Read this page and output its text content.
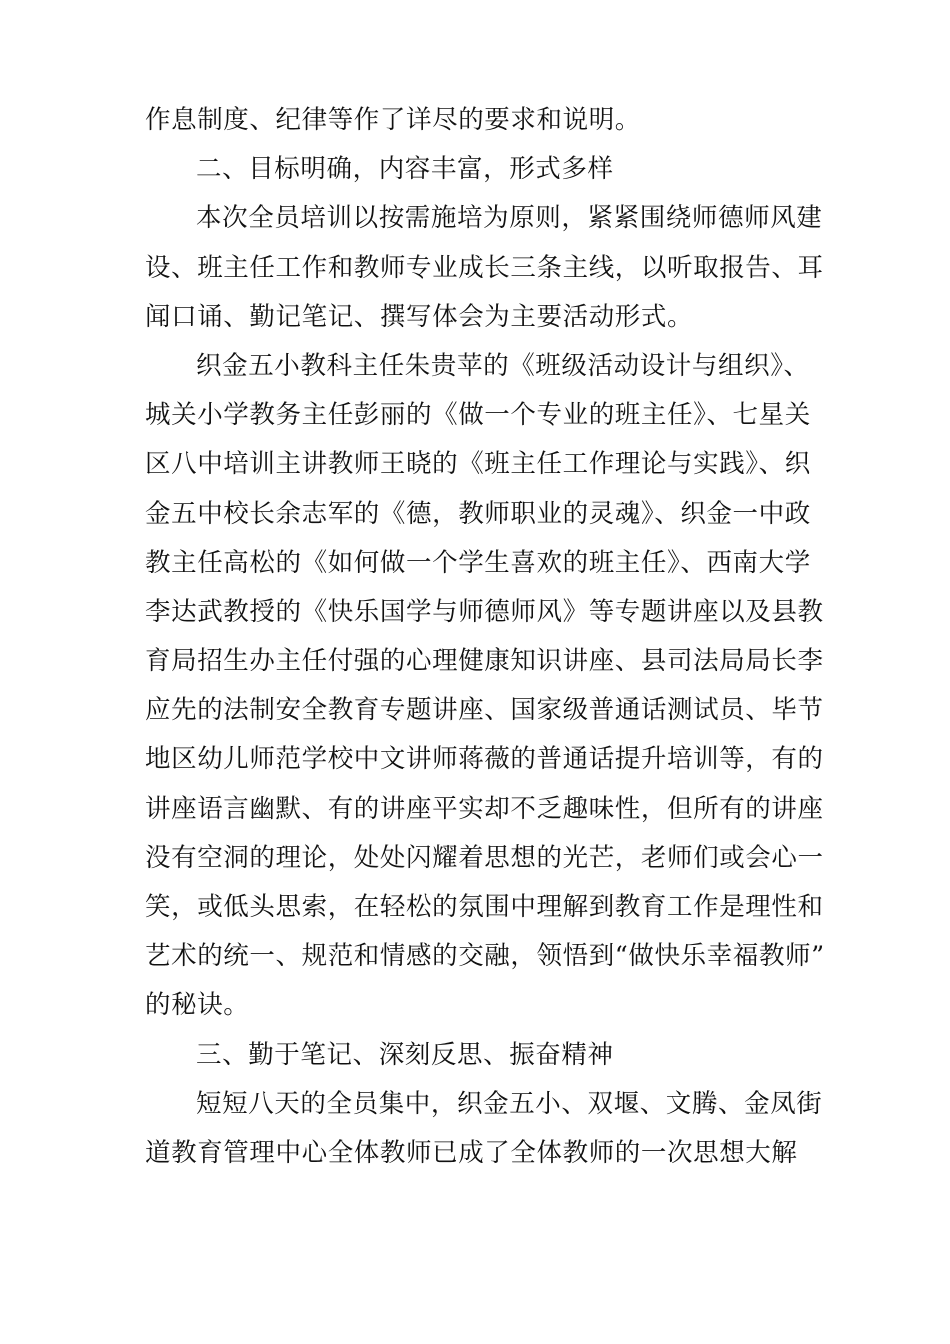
作息制度、纪律等作了详尽的要求和说明。
二、目标明确，内容丰富，形式多样
本次全员培训以按需施培为原则，紧紧围绕师德师风建
设、班主任工作和教师专业成长三条主线，以听取报告、耳
闻口诵、勤记笔记、撰写体会为主要活动形式。
织金五小教科主任朱贵苹的《班级活动设计与组织》、
城关小学教务主任彭丽的《做一个专业的班主任》、七星关
区八中培训主讲教师王晓的《班主任工作理论与实践》、织
金五中校长余志军的《德，教师职业的灵魂》、织金一中政
教主任高松的《如何做一个学生喜欢的班主任》、西南大学
李达武教授的《快乐国学与师德师风》等专题讲座以及县教
育局招生办主任付强的心理健康知识讲座、县司法局局长李
应先的法制安全教育专题讲座、国家级普通话测试员、毕节
地区幼儿师范学校中文讲师蒋薇的普通话提升培训等，有的
讲座语言幽默、有的讲座平实却不乏趣味性，但所有的讲座
没有空洞的理论，处处闪耀着思想的光芒，老师们或会心一
笑，或低头思索，在轻松的氛围中理解到教育工作是理性和
艺术的统一、规范和情感的交融，领悟到“做快乐幸福教师”
的秘诀。
三、勤于笔记、深刻反思、振奋精神
短短八天的全员集中，织金五小、双堰、文腾、金凤街
道教育管理中心全体教师已成了全体教师的一次思想大解
